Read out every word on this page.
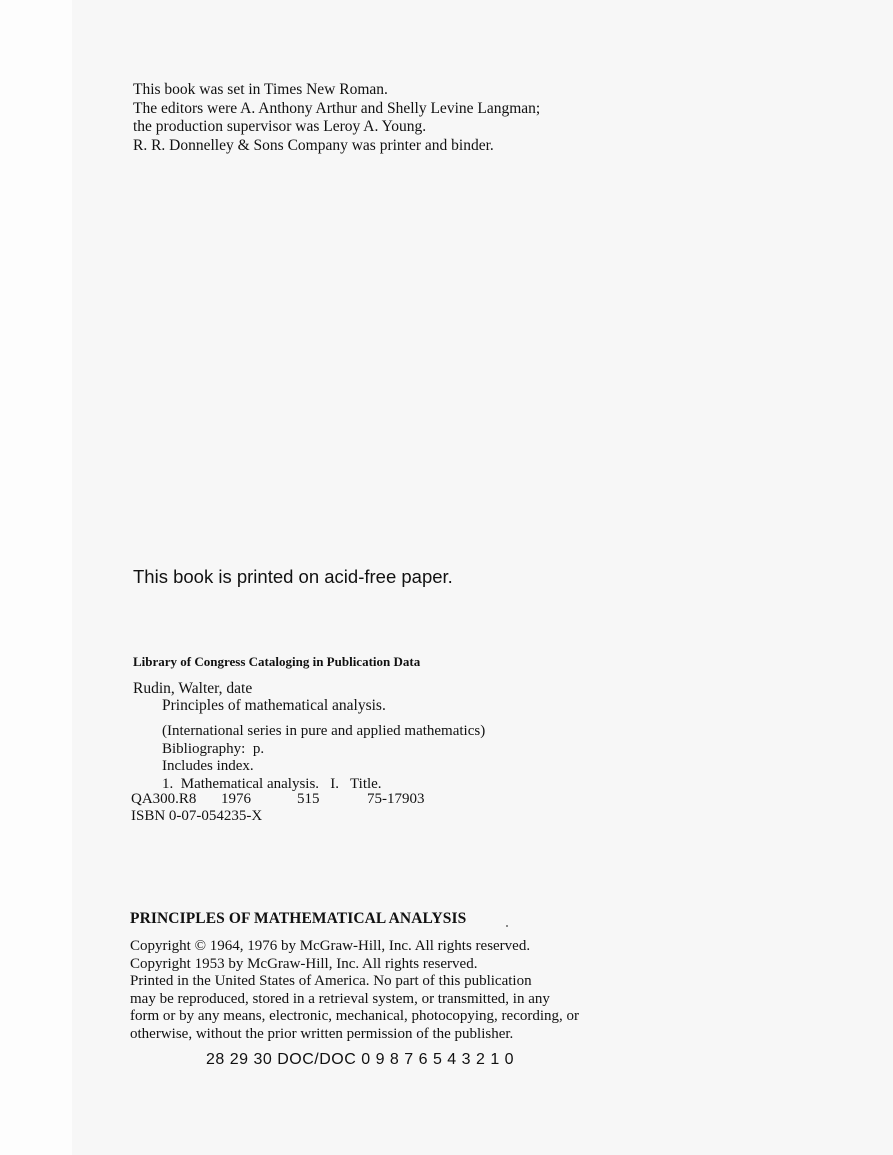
This book was set in Times New Roman.
The editors were A. Anthony Arthur and Shelly Levine Langman;
the production supervisor was Leroy A. Young.
R. R. Donnelley & Sons Company was printer and binder.
This book is printed on acid-free paper.
Library of Congress Cataloging in Publication Data
Rudin, Walter, date
Principles of mathematical analysis.
(International series in pure and applied mathematics)
Bibliography:  p.
Includes index.
1.  Mathematical analysis.   I.   Title.
QA300.R8 1976	515	75-17903
ISBN 0-07-054235-X
PRINCIPLES OF MATHEMATICAL ANALYSIS
Copyright © 1964, 1976 by McGraw-Hill, Inc. All rights reserved.
Copyright 1953 by McGraw-Hill, Inc. All rights reserved.
Printed in the United States of America. No part of this publication
may be reproduced, stored in a retrieval system, or transmitted, in any
form or by any means, electronic, mechanical, photocopying, recording, or
otherwise, without the prior written permission of the publisher.
28 29 30 DOC/DOC 0 9 8 7 6 5 4 3 2 1 0
